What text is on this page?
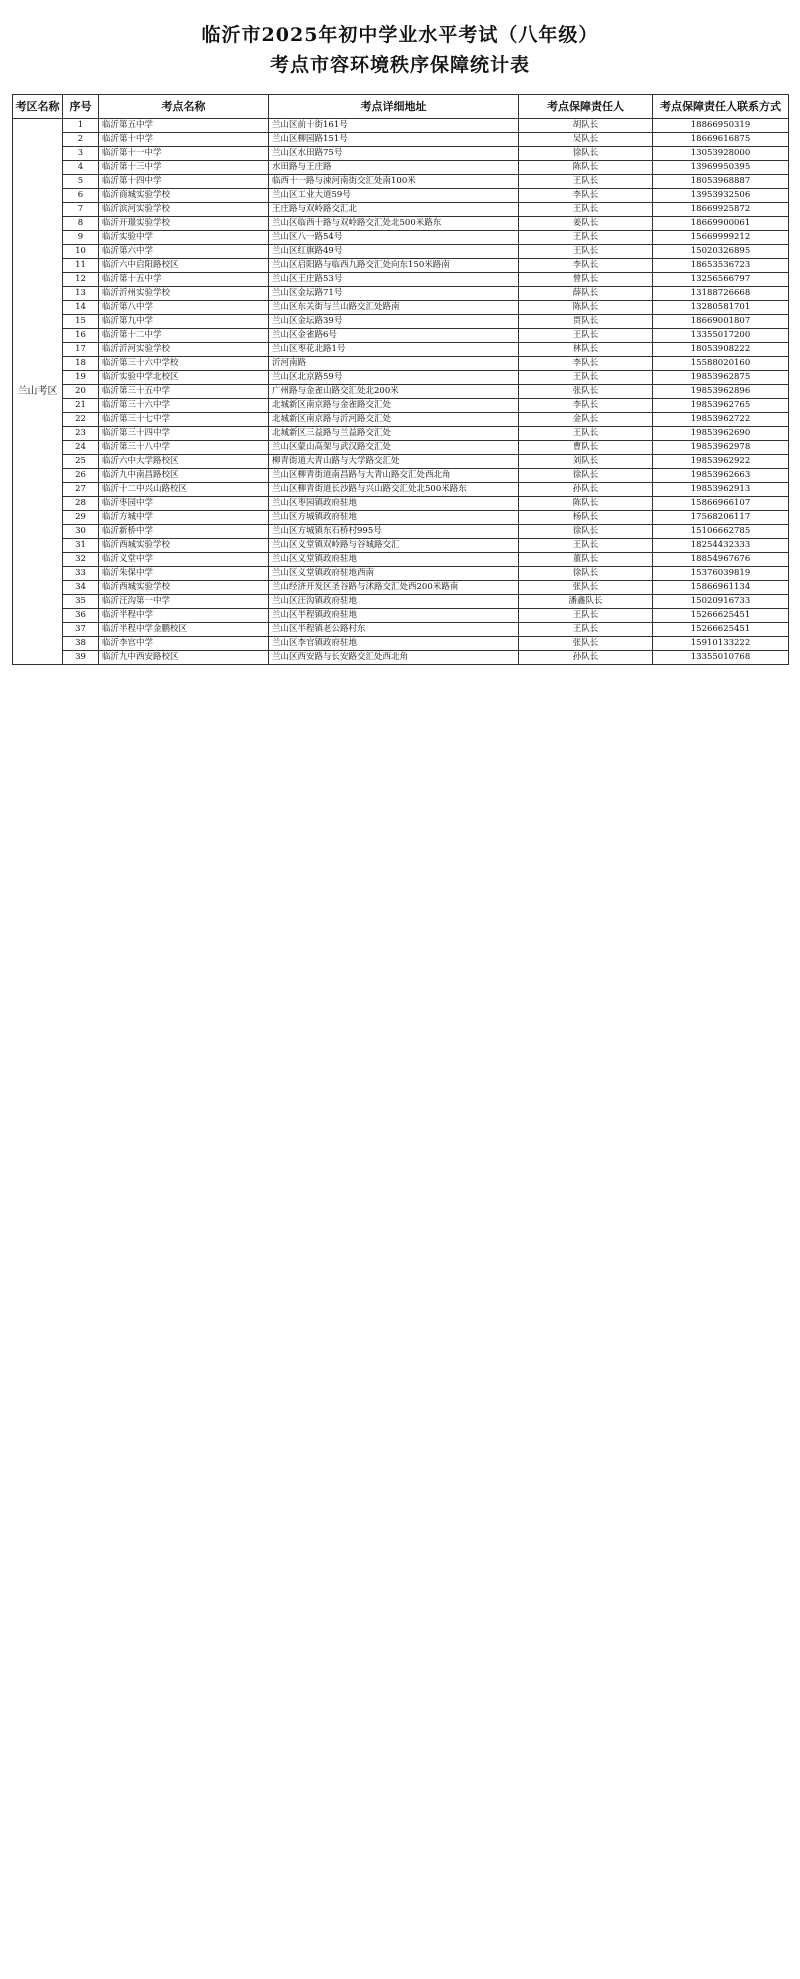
临沂市2025年初中学业水平考试（八年级）
考点市容环境秩序保障统计表
考区名称	序号	考点名称	考点详细地址	考点保障责任人	考点保障责任人联系方式
兰山考区	1	临沂第五中学	兰山区前十街161号	胡队长	18866950319
	2	临沂第十中学	兰山区柳园路151号	吴队长	18669616875
	3	临沂第十一中学	兰山区水田路75号	徐队长	13053928000
	4	临沂第十三中学	水田路与王庄路	陈队长	13969950395
	5	临沂第十四中学	临西十一路与涑河南街交汇处南100米	王队长	18053968887
	6	临沂商城实验学校	兰山区工业大道59号	李队长	13953932506
	7	临沂滨河实验学校	王庄路与双岭路交汇北	王队长	18669925872
	8	临沂开璟实验学校	兰山区临西十路与双岭路交汇处北500米路东	姜队长	18669900061
	9	临沂实验中学	兰山区八一路54号	王队长	15669999212
	10	临沂第六中学	兰山区红旗路49号	王队长	15020326895
	11	临沂六中启阳路校区	兰山区启阳路与临西九路交汇处向东150米路南	李队长	18653536723
	12	临沂第十五中学	兰山区王庄路53号	曾队长	13256566797
	13	临沂沂州实验学校	兰山区金坛路71号	薛队长	13188726668
	14	临沂第八中学	兰山区东关街与兰山路交汇处路南	陈队长	13280581701
	15	临沂第九中学	兰山区金坛路39号	贾队长	18669001807
	16	临沂第十二中学	兰山区金雀路6号	王队长	13355017200
	17	临沂沂河实验学校	兰山区枣花北路1号	林队长	18053908222
	18	临沂第三十六中学校	沂河南路	李队长	15588020160
	19	临沂实验中学北校区	兰山区北京路59号	王队长	19853962875
	20	临沂第三十五中学	广州路与金雀山路交汇处北200米	张队长	19853962896
	21	临沂第三十六中学	北城新区南京路与金雀路交汇处	李队长	19853962765
	22	临沂第三十七中学	北城新区南京路与沂河路交汇处	金队长	19853962722
	23	临沂第三十四中学	北城新区三益路与兰益路交汇处	王队长	19853962690
	24	临沂第三十八中学	兰山区蒙山高架与武汉路交汇处	曹队长	19853962978
	25	临沂六中大学路校区	柳青街道大青山路与大学路交汇处	刘队长	19853962922
	26	临沂九中南昌路校区	兰山区柳青街道南昌路与大青山路交汇处西北角	徐队长	19853962663
	27	临沂十二中兴山路校区	兰山区柳青街道长沙路与兴山路交汇处北500米路东	孙队长	19853962913
	28	临沂枣园中学	兰山区枣园镇政府驻地	陈队长	15866966107
	29	临沂方城中学	兰山区方城镇政府驻地	杨队长	17568206117
	30	临沂新桥中学	兰山区方城镇东石桥村995号	徐队长	15106662785
	31	临沂西城实验学校	兰山区义堂镇双岭路与谷城路交汇	王队长	18254432333
	32	临沂义堂中学	兰山区义堂镇政府驻地	董队长	18854967676
	33	临沂朱保中学	兰山区义堂镇政府驻地西南	徐队长	15376039819
	34	临沂西城实验学校	兰山经济开发区圣谷路与沭路交汇处西200米路南	张队长	15866961134
	35	临沂汪沟第一中学	兰山区汪沟镇政府驻地	潘鑫队长	15020916733
	36	临沂半程中学	兰山区半程镇政府驻地	王队长	15266625451
	37	临沂半程中学金鹏校区	兰山区半程镇老公路村东	王队长	15266625451
	38	临沂李官中学	兰山区李官镇政府驻地	张队长	15910133222
	39	临沂九中西安路校区	兰山区西安路与长安路交汇处西北角	孙队长	13355010768
